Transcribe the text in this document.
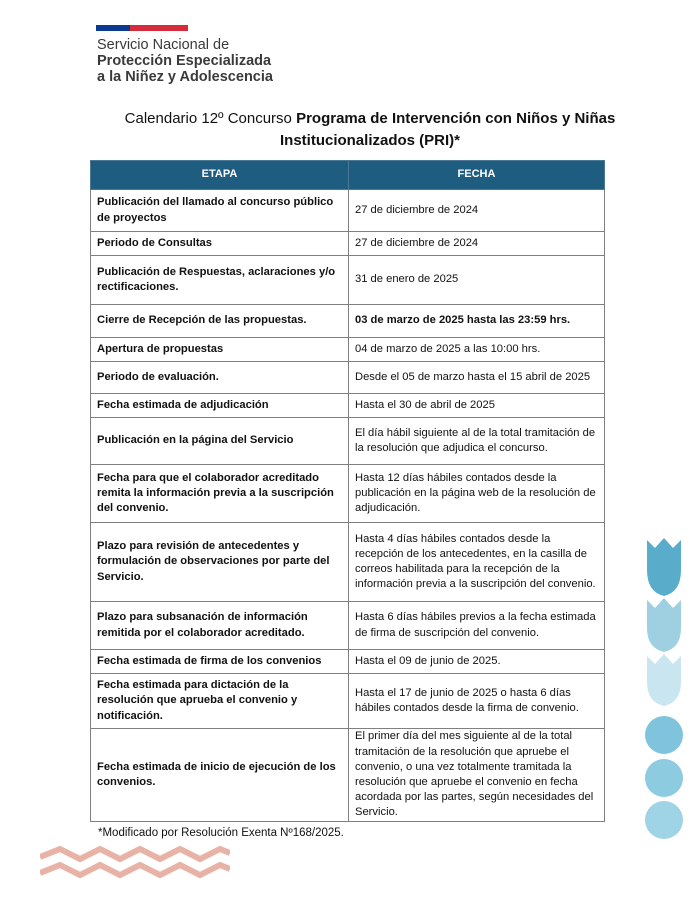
Servicio Nacional de
Protección Especializada
a la Niñez y Adolescencia
Calendario 12º Concurso Programa de Intervención con Niños y Niñas
Institucionalizados (PRI)*
ETAPA	FECHA
Publicación del llamado al concurso público de proyectos	27 de diciembre de 2024
Periodo de Consultas	27 de diciembre de 2024
Publicación de Respuestas, aclaraciones y/o rectificaciones.	31 de enero de 2025
Cierre de Recepción de las propuestas.	03 de marzo de 2025 hasta las 23:59 hrs.
Apertura de propuestas	04 de marzo de 2025 a las 10:00 hrs.
Periodo de evaluación.	Desde el 05 de marzo hasta el 15 abril de 2025
Fecha estimada de adjudicación	Hasta el 30 de abril de 2025
Publicación en la página del Servicio	El día hábil siguiente al de la total tramitación de la resolución que adjudica el concurso.
Fecha para que el colaborador acreditado remita la información previa a la suscripción del convenio.	Hasta 12 días hábiles contados desde la publicación en la página web de la resolución de adjudicación.
Plazo para revisión de antecedentes y formulación de observaciones por parte del Servicio.	Hasta 4 días hábiles contados desde la recepción de los antecedentes, en la casilla de correos habilitada para la recepción de la información previa a la suscripción del convenio.
Plazo para subsanación de información remitida por el colaborador acreditado.	Hasta 6 días hábiles previos a la fecha estimada de firma de suscripción del convenio.
Fecha estimada de firma de los convenios	Hasta el 09 de junio de 2025.
Fecha estimada para dictación de la resolución que aprueba el convenio y notificación.	Hasta el 17 de junio de 2025 o hasta 6 días hábiles contados desde la firma de convenio.
Fecha estimada de inicio de ejecución de los convenios.	El primer día del mes siguiente al de la total tramitación de la resolución que apruebe el convenio, o una vez totalmente tramitada la resolución que apruebe el convenio en fecha acordada por las partes, según necesidades del Servicio.
*Modificado por Resolución Exenta Nº168/2025.
